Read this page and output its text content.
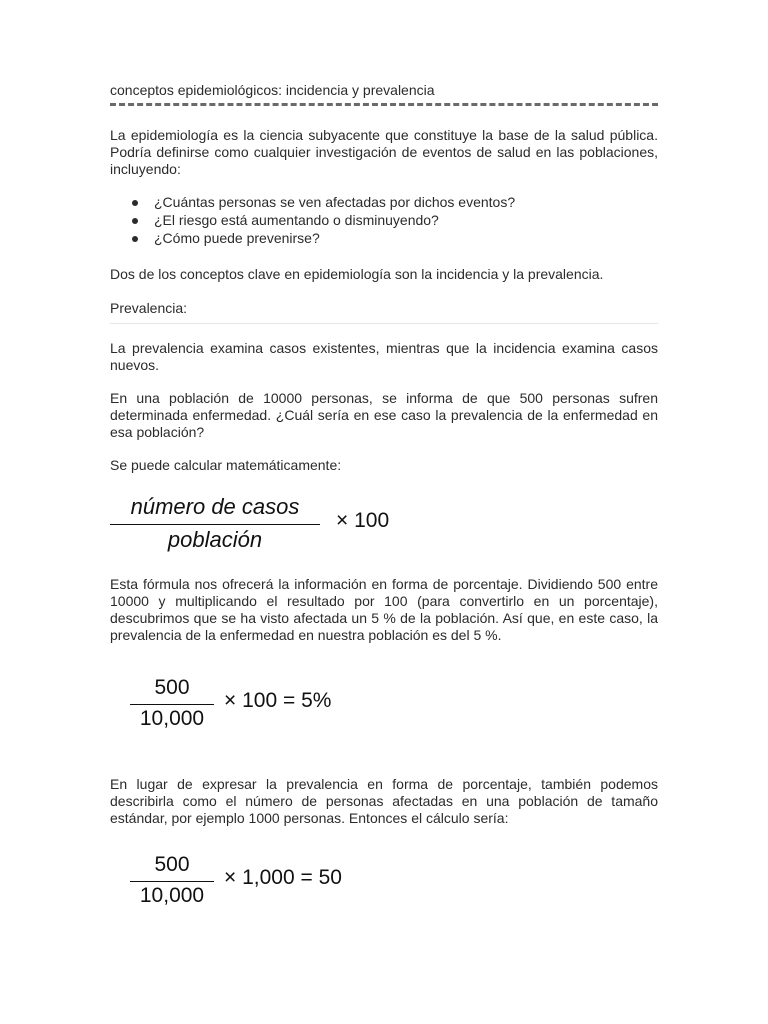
conceptos epidemiológicos: incidencia y prevalencia

La epidemiología es la ciencia subyacente que constituye la base de la salud pública. Podría definirse como cualquier investigación de eventos de salud en las poblaciones, incluyendo:

¿Cuántas personas se ven afectadas por dichos eventos?
¿El riesgo está aumentando o disminuyendo?
¿Cómo puede prevenirse?

Dos de los conceptos clave en epidemiología son la incidencia y la prevalencia.

Prevalencia:

La prevalencia examina casos existentes, mientras que la incidencia examina casos nuevos.

En una población de 10000 personas, se informa de que 500 personas sufren determinada enfermedad. ¿Cuál sería en ese caso la prevalencia de la enfermedad en esa población?

Se puede calcular matemáticamente:

número de casos
población
× 100

Esta fórmula nos ofrecerá la información en forma de porcentaje. Dividiendo 500 entre 10000 y multiplicando el resultado por 100 (para convertirlo en un porcentaje), descubrimos que se ha visto afectada un 5 % de la población. Así que, en este caso, la prevalencia de la enfermedad en nuestra población es del 5 %.

500
10,000
× 100 = 5%

En lugar de expresar la prevalencia en forma de porcentaje, también podemos describirla como el número de personas afectadas en una población de tamaño estándar, por ejemplo 1000 personas. Entonces el cálculo sería:

500
10,000
× 1,000 = 50
